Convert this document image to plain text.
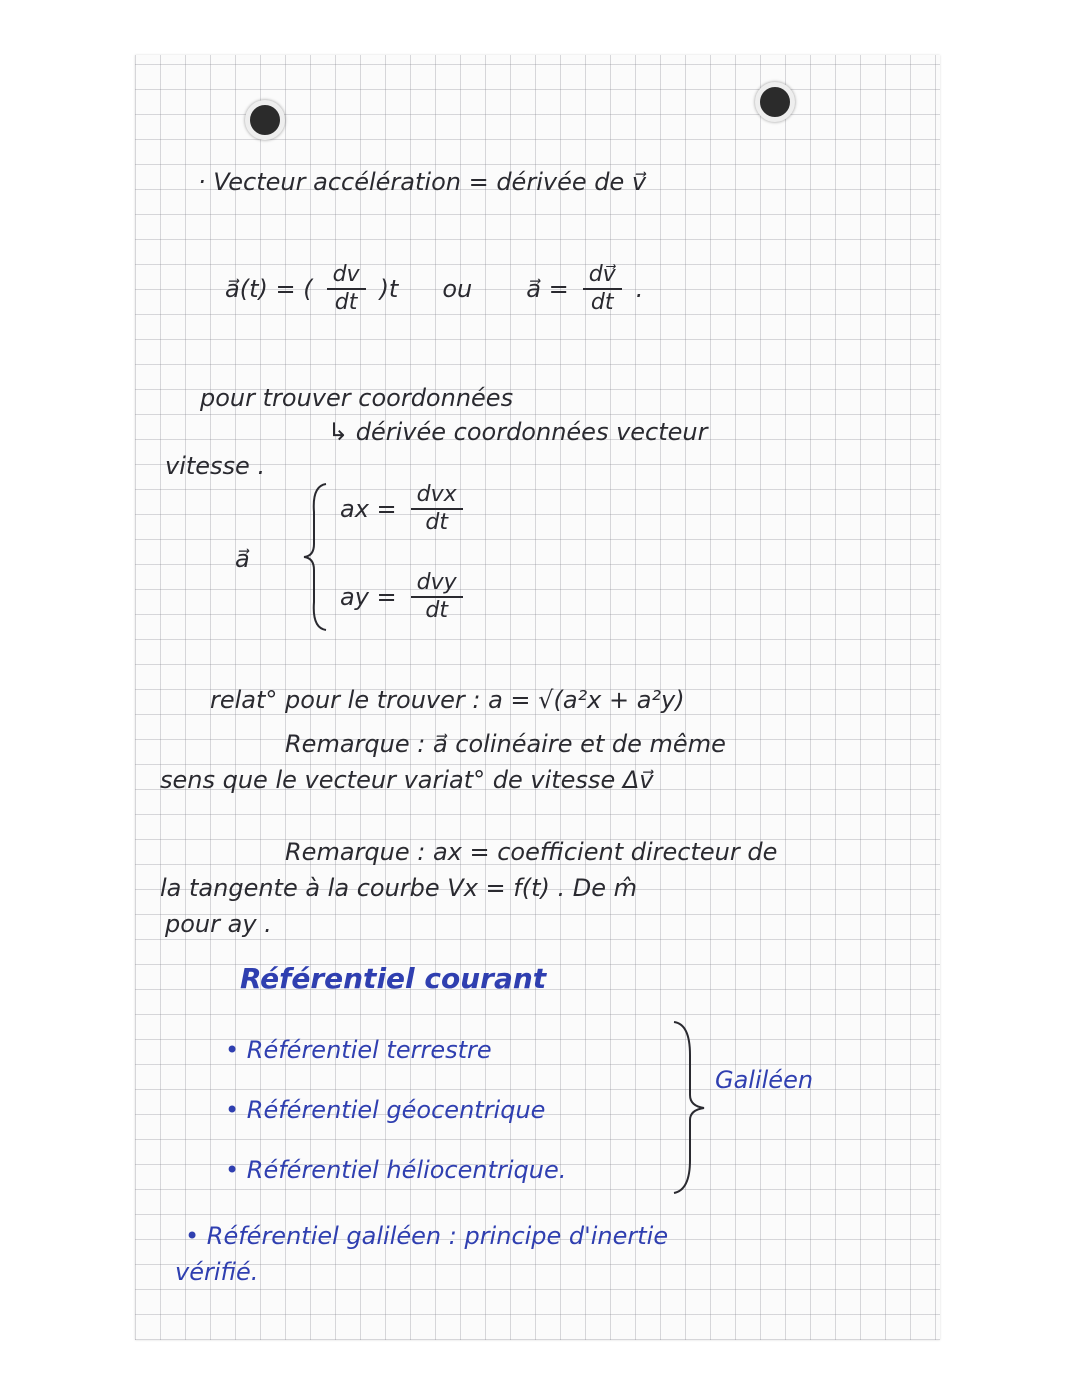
· Vecteur accélération = dérivée de v⃗
a⃗(t) = ( $\frac{dv}{dt} )t$ ou a⃗ = $\frac{dv⃗}{dt}$ .
pour trouver coordonnées
↳ dérivée coordonnées vecteur
vitesse .
a⃗
ax = $\frac{\text{dvx}}{dt}$
ay = $\frac{\text{dvy}}{dt}$
relat° pour le trouver : a = √(a²x + a²y)
Remarque : a⃗ colinéaire et de même
sens que le vecteur variat° de vitesse Δv⃗
Remarque : ax = coefficient directeur de
la tangente à la courbe Vx = f(t) . De m̂
pour ay .
Référentiel courant
• Référentiel terrestre
• Référentiel géocentrique
• Référentiel héliocentrique.
Galiléen
• Référentiel galiléen : principe d'inertie
vérifié.
